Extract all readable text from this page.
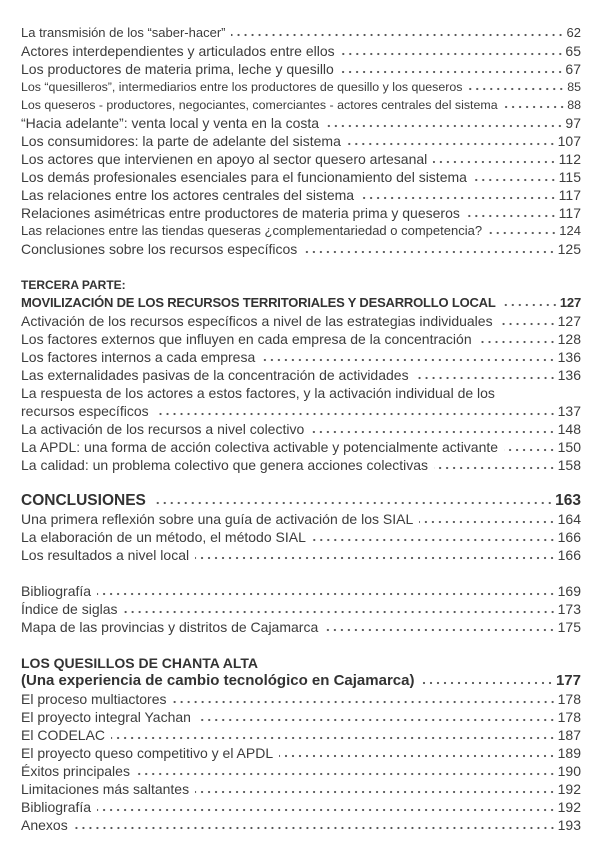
La transmisión de los “saber-hacer”	62
Actores interdependientes y articulados entre ellos	65
Los productores de materia prima, leche y quesillo	67
Los “quesilleros”, intermediarios entre los productores de quesillo y los queseros	85
Los queseros - productores, negociantes, comerciantes - actores centrales del sistema	88
“Hacia adelante”: venta local y venta en la costa	97
Los consumidores: la parte de adelante del sistema	107
Los actores que intervienen en apoyo al sector quesero artesanal	112
Los demás profesionales esenciales para el funcionamiento del sistema	115
Las relaciones entre los actores centrales del sistema	117
Relaciones asimétricas entre productores de materia prima y queseros	117
Las relaciones entre las tiendas queseras ¿complementariedad o competencia?	124
Conclusiones sobre los recursos específicos	125
TERCERA PARTE:
MOVILIZACIÓN DE LOS RECURSOS TERRITORIALES Y DESARROLLO LOCAL	127
Activación de los recursos específicos a nivel de las estrategias individuales	127
Los factores externos que influyen en cada empresa de la concentración	128
Los factores internos a cada empresa	136
Las externalidades pasivas de la concentración de actividades	136
La respuesta de los actores a estos factores, y la activación individual de los
recursos específicos	137
La activación de los recursos a nivel colectivo	148
La APDL: una forma de acción colectiva activable y potencialmente activante	150
La calidad: un problema colectivo que genera acciones colectivas	158
CONCLUSIONES	163
Una primera reflexión sobre una guía de activación de los SIAL	164
La elaboración de un método, el método SIAL	166
Los resultados a nivel local	166
Bibliografía	169
Índice de siglas	173
Mapa de las provincias y distritos de Cajamarca	175
LOS QUESILLOS DE CHANTA ALTA
(Una experiencia de cambio tecnológico en Cajamarca)	177
El proceso multiactores	178
El proyecto integral Yachan	178
El CODELAC	187
El proyecto queso competitivo y el APDL	189
Éxitos principales	190
Limitaciones más saltantes	192
Bibliografía	192
Anexos	193
